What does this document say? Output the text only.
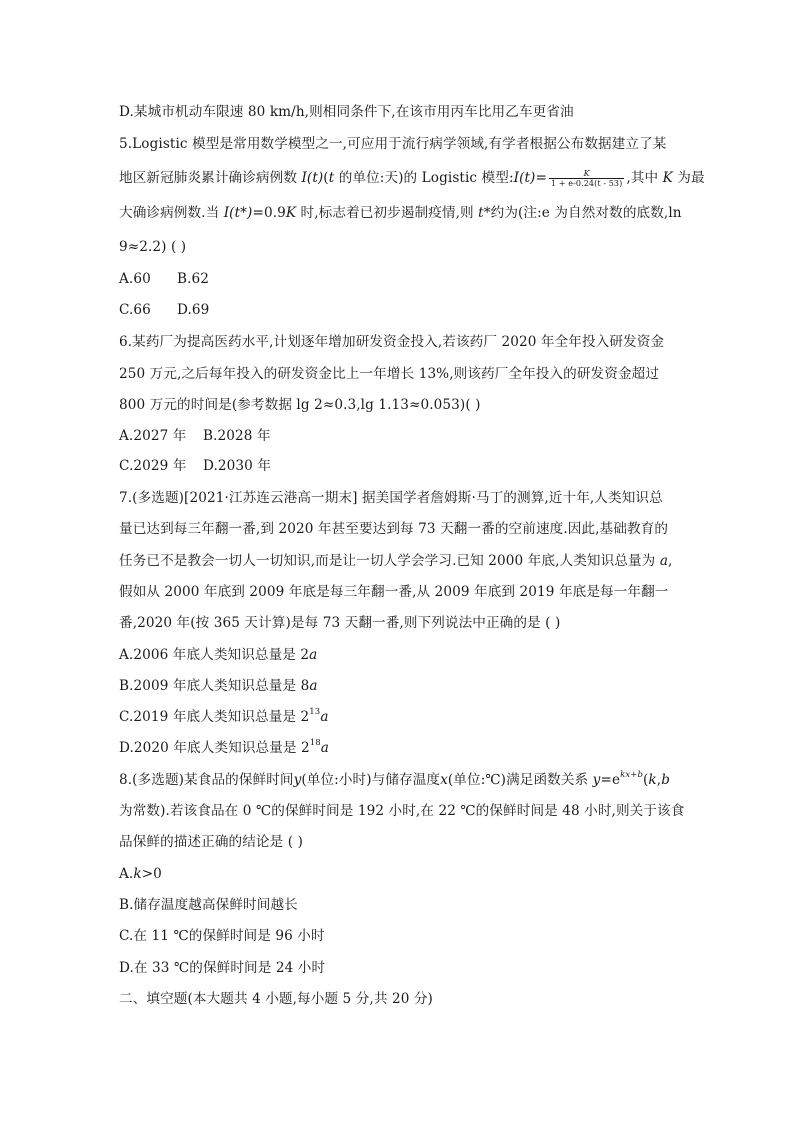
D.某城市机动车限速 80 km/h,则相同条件下,在该市用丙车比用乙车更省油
5.Logistic 模型是常用数学模型之一,可应用于流行病学领域,有学者根据公布数据建立了某
地区新冠肺炎累计确诊病例数 I(t)(t 的单位:天)的 Logistic 模型:I(t)= $\frac{K}{1 + e-0.24(t - 53)}$ ,其中 K 为最
大确诊病例数.当 I(t*)=0.9K 时,标志着已初步遏制疫情,则 t*约为(注:e 为自然对数的底数,ln
9≈2.2) ( )
A.60 B.62
C.66 D.69
6.某药厂为提高医药水平,计划逐年增加研发资金投入,若该药厂 2020 年全年投入研发资金
250 万元,之后每年投入的研发资金比上一年增长 13%,则该药厂全年投入的研发资金超过
800 万元的时间是(参考数据 lg 2≈0.3,lg 1.13≈0.053)( )
A.2027 年 B.2028 年
C.2029 年 D.2030 年
7.(多选题)[2021·江苏连云港高一期末] 据美国学者詹姆斯·马丁的测算,近十年,人类知识总
量已达到每三年翻一番,到 2020 年甚至要达到每 73 天翻一番的空前速度.因此,基础教育的
任务已不是教会一切人一切知识,而是让一切人学会学习.已知 2000 年底,人类知识总量为 a,
假如从 2000 年底到 2009 年底是每三年翻一番,从 2009 年底到 2019 年底是每一年翻一
番,2020 年(按 365 天计算)是每 73 天翻一番,则下列说法中正确的是 ( )
A.2006 年底人类知识总量是 2a
B.2009 年底人类知识总量是 8a
C.2019 年底人类知识总量是 $2^{13}a$
D.2020 年底人类知识总量是 $2^{18}a$
8.(多选题)某食品的保鲜时间y(单位:小时)与储存温度x(单位:℃)满足函数关系 $y=e^{kx+b}(k,b$
为常数).若该食品在 0 ℃的保鲜时间是 192 小时,在 22 ℃的保鲜时间是 48 小时,则关于该食
品保鲜的描述正确的结论是 ( )
A.k>0
B.储存温度越高保鲜时间越长
C.在 11 ℃的保鲜时间是 96 小时
D.在 33 ℃的保鲜时间是 24 小时
二、填空题(本大题共 4 小题,每小题 5 分,共 20 分)
